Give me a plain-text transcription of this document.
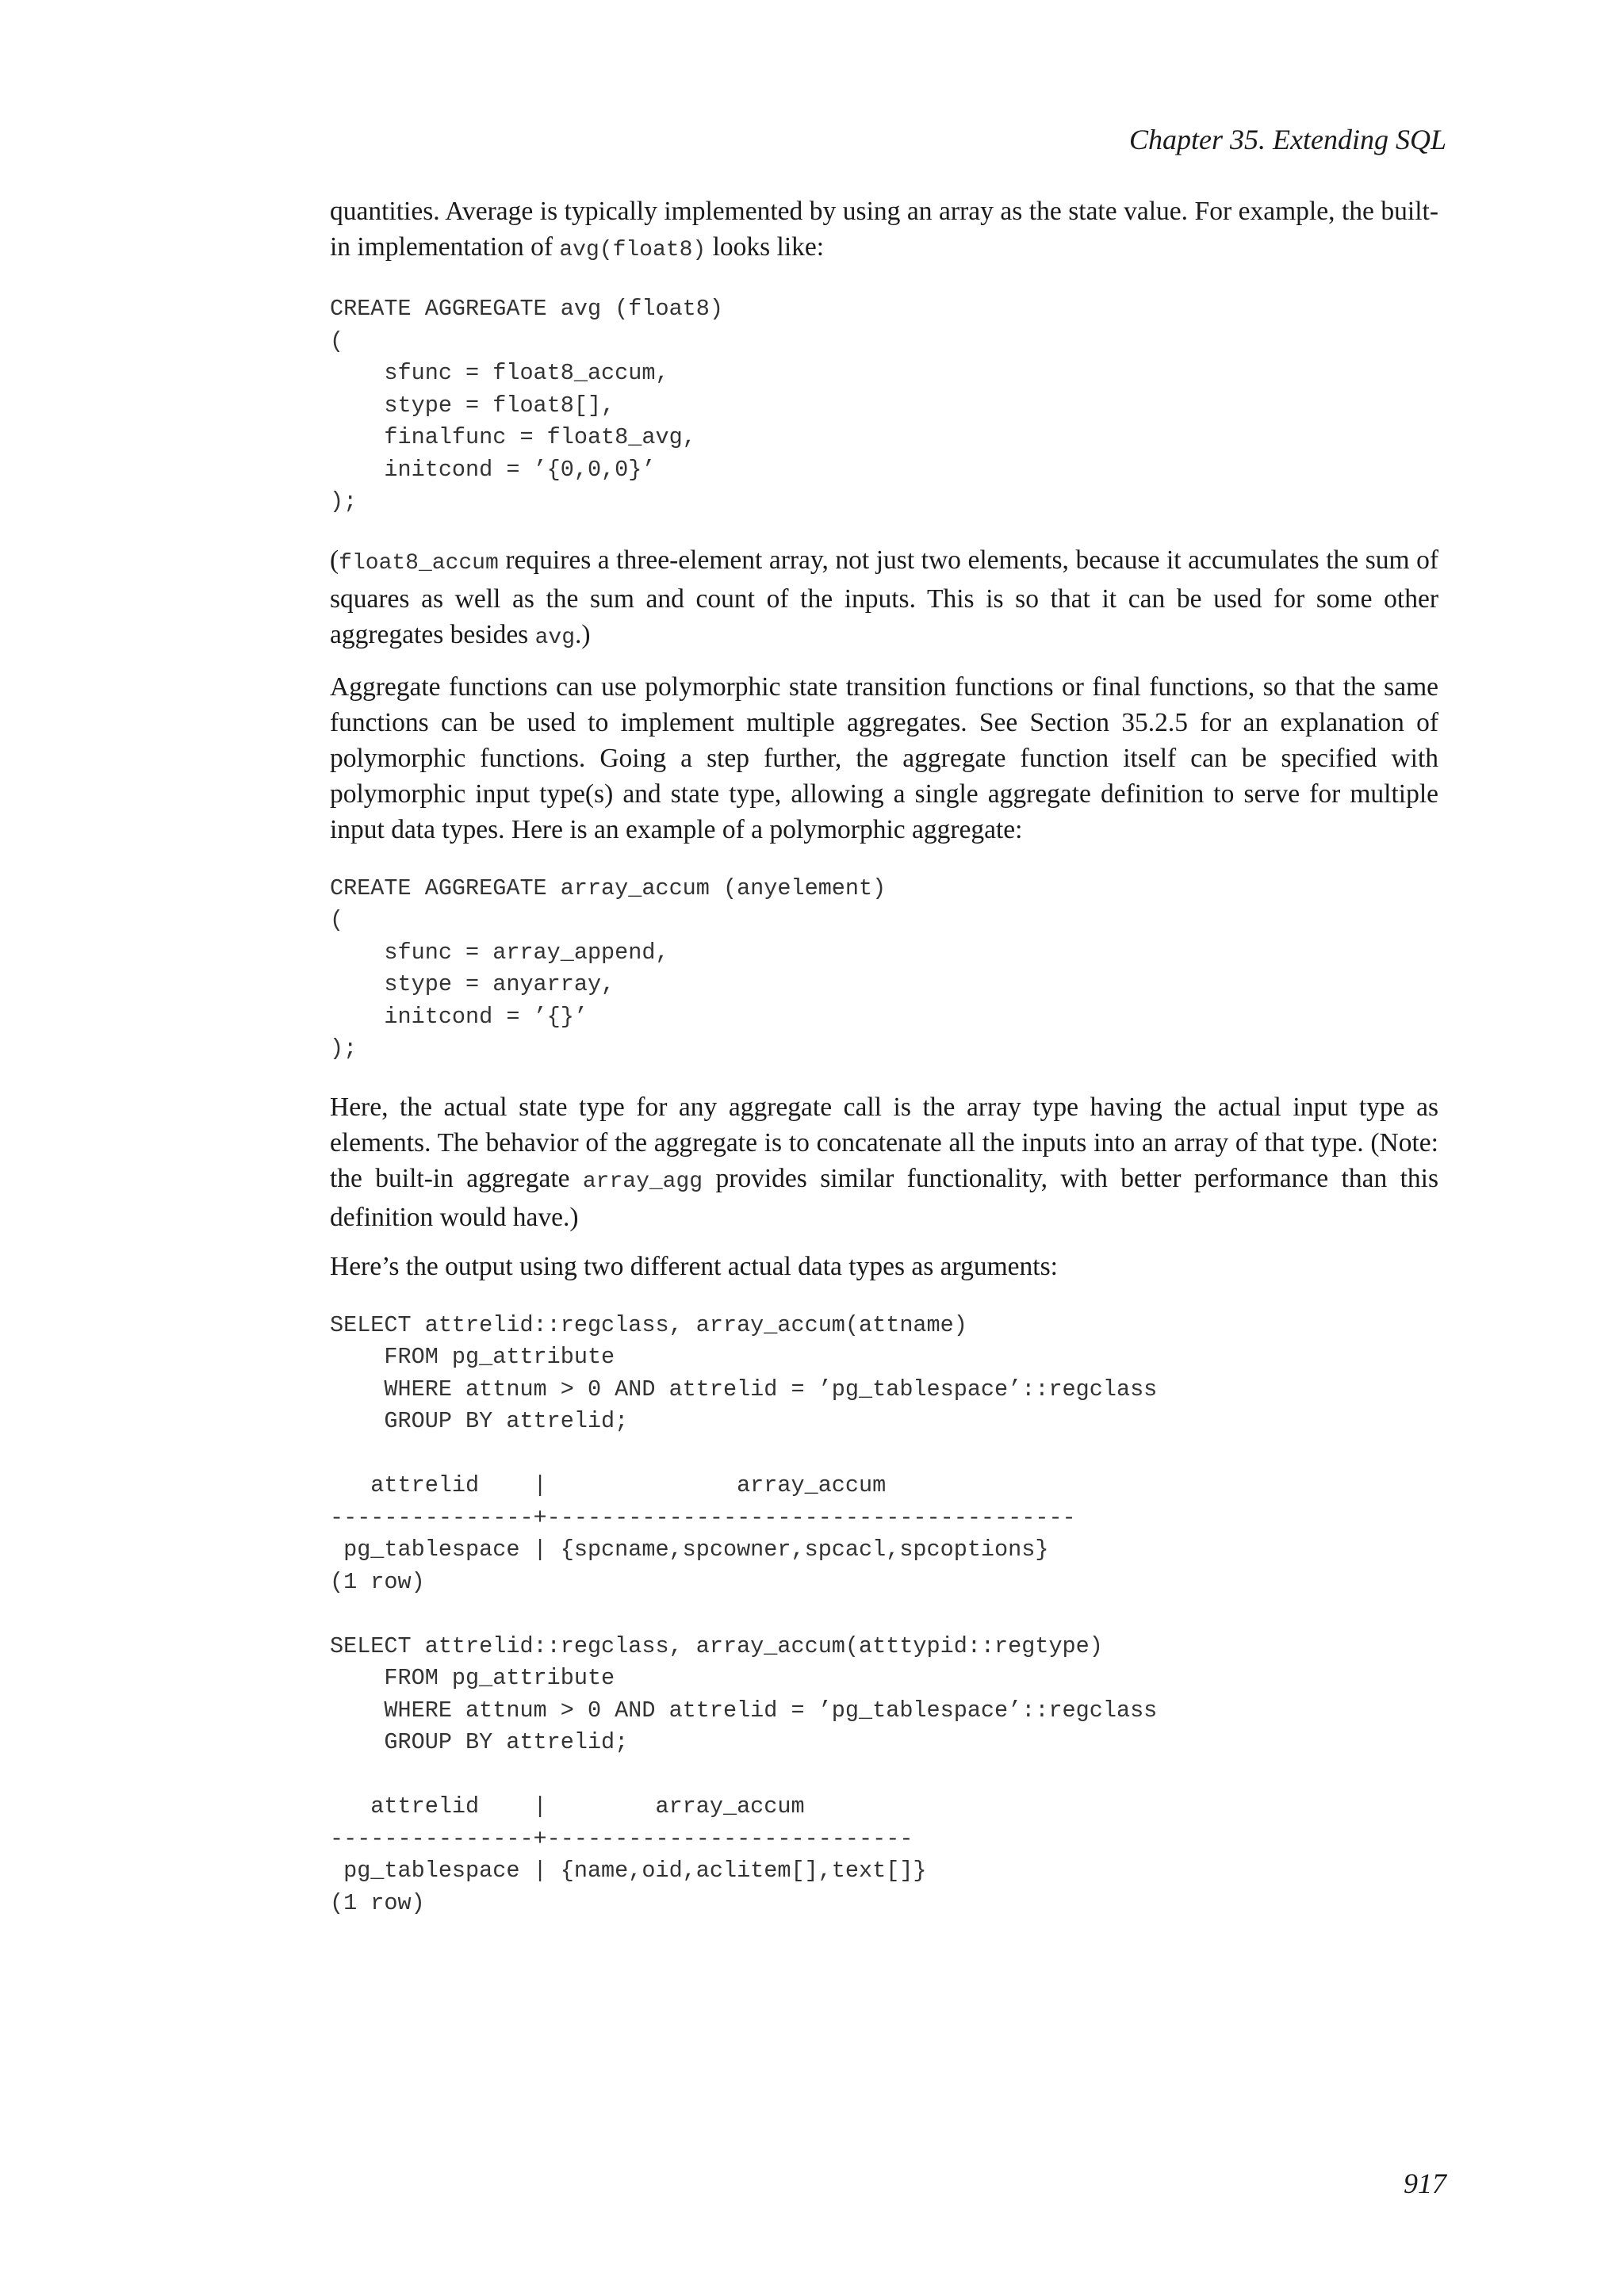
Chapter 35. Extending SQL

quantities. Average is typically implemented by using an array as the state value. For example, the built-in implementation of avg(float8) looks like:

CREATE AGGREGATE avg (float8)
(
sfunc = float8_accum,
stype = float8[],
finalfunc = float8_avg,
initcond = ’{0,0,0}’
);

(float8_accum requires a three-element array, not just two elements, because it accumulates the sum of squares as well as the sum and count of the inputs. This is so that it can be used for some other aggregates besides avg.)

Aggregate functions can use polymorphic state transition functions or final functions, so that the same functions can be used to implement multiple aggregates. See Section 35.2.5 for an explanation of polymorphic functions. Going a step further, the aggregate function itself can be specified with polymorphic input type(s) and state type, allowing a single aggregate definition to serve for multiple input data types. Here is an example of a polymorphic aggregate:

CREATE AGGREGATE array_accum (anyelement)
(
sfunc = array_append,
stype = anyarray,
initcond = ’{}’
);

Here, the actual state type for any aggregate call is the array type having the actual input type as elements. The behavior of the aggregate is to concatenate all the inputs into an array of that type. (Note: the built-in aggregate array_agg provides similar functionality, with better performance than this definition would have.)

Here’s the output using two different actual data types as arguments:

SELECT attrelid::regclass, array_accum(attname)
FROM pg_attribute
WHERE attnum > 0 AND attrelid = ’pg_tablespace’::regclass
GROUP BY attrelid;

attrelid    |              array_accum
---------------+---------------------------------------
pg_tablespace | {spcname,spcowner,spcacl,spcoptions}
(1 row)

SELECT attrelid::regclass, array_accum(atttypid::regtype)
FROM pg_attribute
WHERE attnum > 0 AND attrelid = ’pg_tablespace’::regclass
GROUP BY attrelid;

attrelid    |        array_accum
---------------+---------------------------
pg_tablespace | {name,oid,aclitem[],text[]}
(1 row)
917
